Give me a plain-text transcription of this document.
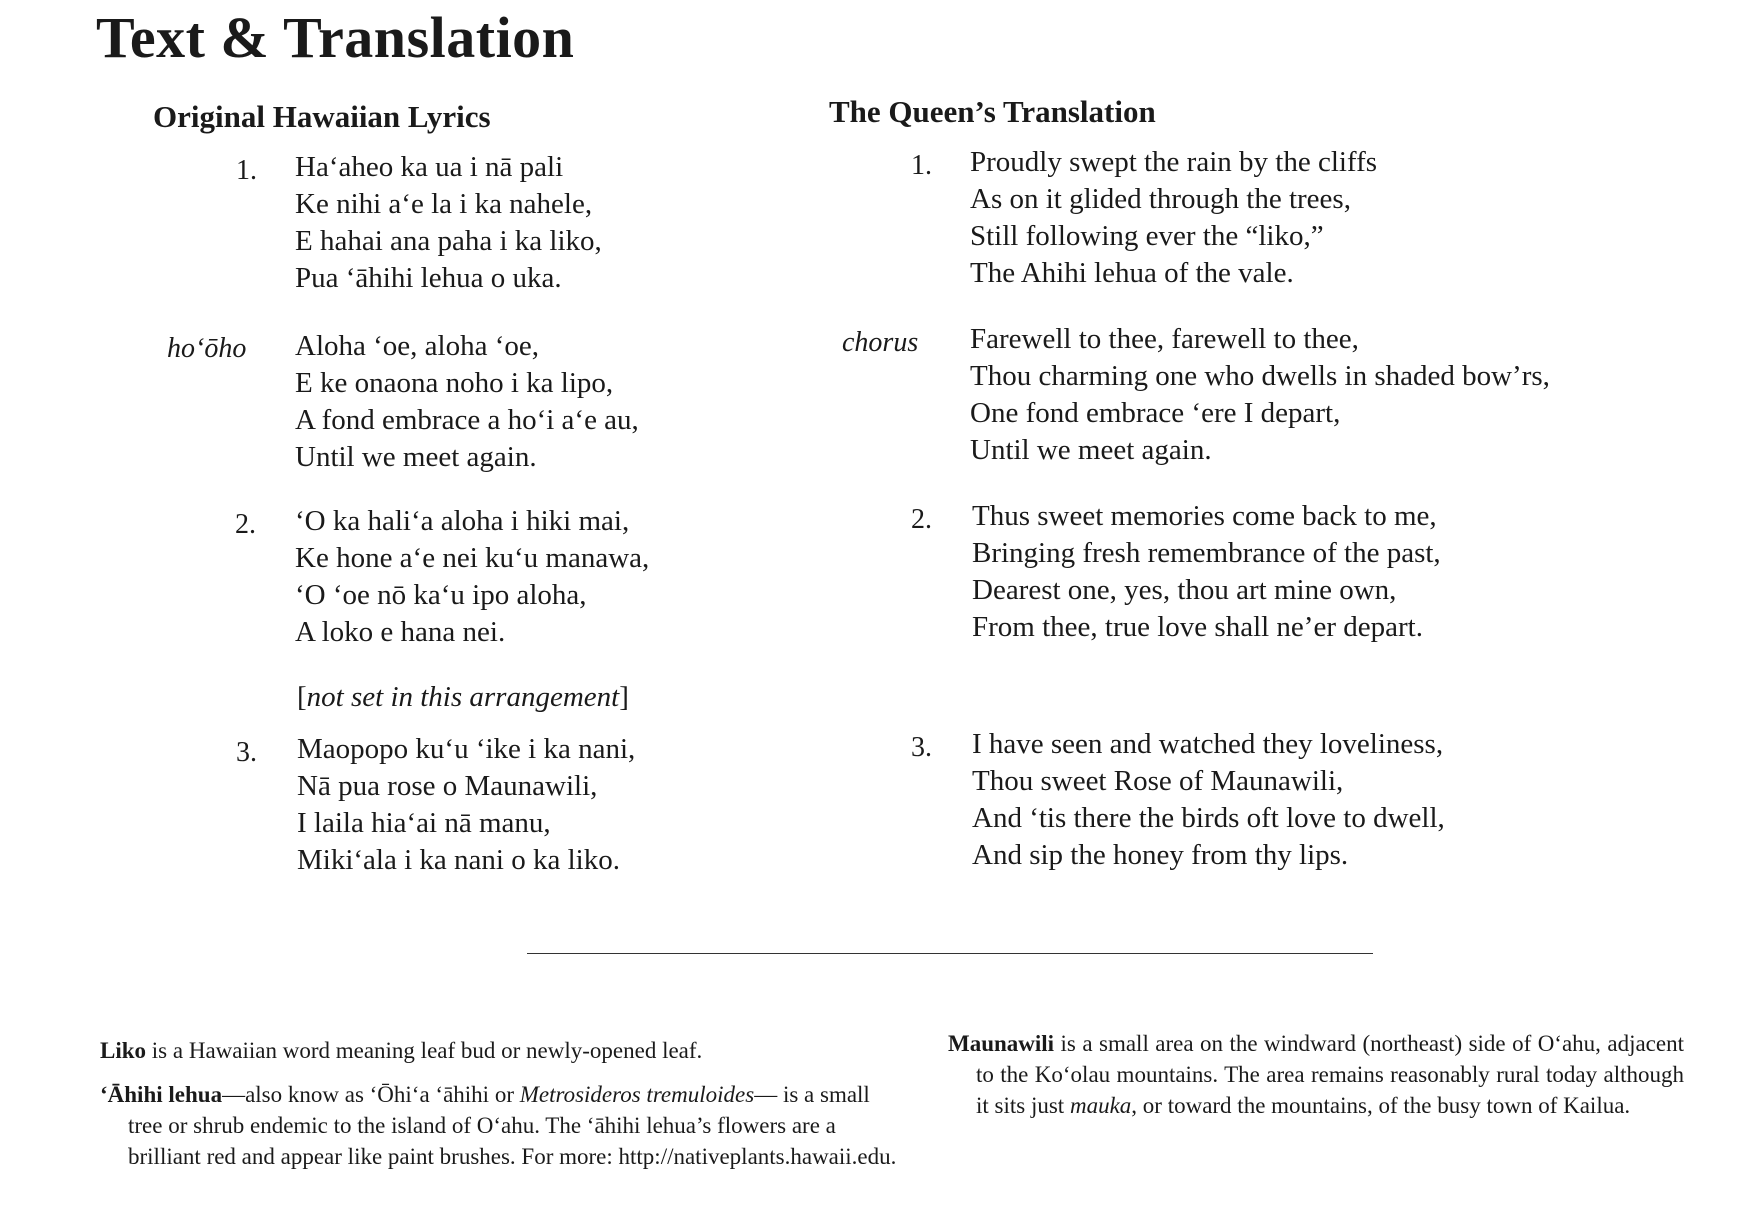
Text & Translation
Original Hawaiian Lyrics
1. Ha‘aheo ka ua i nā pali
Ke nihi a‘e la i ka nahele,
E hahai ana paha i ka liko,
Pua ‘āhihi lehua o uka.
ho‘ōho Aloha ‘oe, aloha ‘oe,
E ke onaona noho i ka lipo,
A fond embrace a ho‘i a‘e au,
Until we meet again.
2. ‘O ka hali‘a aloha i hiki mai,
Ke hone a‘e nei ku‘u manawa,
‘O ‘oe nō ka‘u ipo aloha,
A loko e hana nei.
[not set in this arrangement]
3. Maopopo ku‘u ‘ike i ka nani,
Nā pua rose o Maunawili,
I laila hia‘ai nā manu,
Miki‘ala i ka nani o ka liko.
The Queen’s Translation
1. Proudly swept the rain by the cliffs
As on it glided through the trees,
Still following ever the “liko,”
The Ahihi lehua of the vale.
chorus Farewell to thee, farewell to thee,
Thou charming one who dwells in shaded bow’rs,
One fond embrace ‘ere I depart,
Until we meet again.
2. Thus sweet memories come back to me,
Bringing fresh remembrance of the past,
Dearest one, yes, thou art mine own,
From thee, true love shall ne’er depart.
3. I have seen and watched they loveliness,
Thou sweet Rose of Maunawili,
And ‘tis there the birds oft love to dwell,
And sip the honey from thy lips.

Liko is a Hawaiian word meaning leaf bud or newly-opened leaf.

‘Āhihi lehua—also know as ‘Ōhi‘a ‘āhihi or Metrosideros tremuloides— is a small tree or shrub endemic to the island of O‘ahu. The ‘āhihi lehua’s flowers are a brilliant red and appear like paint brushes. For more: http://nativeplants.hawaii.edu.

Maunawili is a small area on the windward (northeast) side of O‘ahu, adjacent to the Ko‘olau mountains. The area remains reasonably rural today although it sits just mauka, or toward the mountains, of the busy town of Kailua.
